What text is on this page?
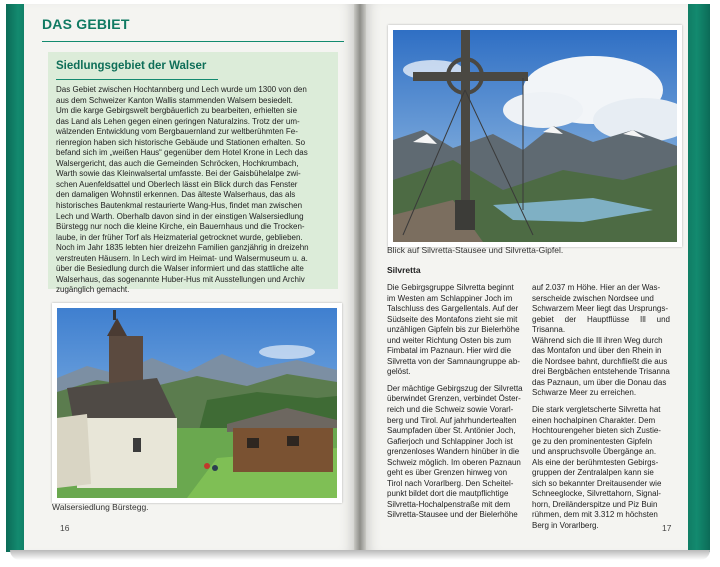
DAS GEBIET
Siedlungsgebiet der Walser
Das Gebiet zwischen Hochtannberg und Lech wurde um 1300 von den
aus dem Schweizer Kanton Wallis stammenden Walsern besiedelt.
Um die karge Gebirgswelt bergbäuerlich zu bearbeiten, erhielten sie
das Land als Lehen gegen einen geringen Naturalzins. Trotz der um-
wälzenden Entwicklung vom Bergbauernland zur weltberühmten Fe-
rienregion haben sich historische Gebäude und Stationen erhalten. So
befand sich im „weißen Haus“ gegenüber dem Hotel Krone in Lech das
Walsergericht, das auch die Gemeinden Schröcken, Hochkrumbach,
Warth sowie das Kleinwalsertal umfasste. Bei der Gaisbühelalpe zwi-
schen Auenfeldsattel und Oberlech lässt ein Blick durch das Fenster
den damaligen Wohnstil erkennen. Das älteste Walserhaus, das als
historisches Bautenkmal restaurierte Wang-Hus, findet man zwischen
Lech und Warth. Oberhalb davon sind in der einstigen Walsersiedlung
Bürstegg nur noch die kleine Kirche, ein Bauernhaus und die Trocken-
laube, in der früher Torf als Heizmaterial getrocknet wurde, geblieben.
Noch im Jahr 1835 lebten hier dreizehn Familien ganzjährig in dreizehn
verstreuten Häusern. In Lech wird im Heimat- und Walsermuseum u. a.
über die Besiedlung durch die Walser informiert und das stattliche alte
Walserhaus, das sogenannte Huber-Hus mit Ausstellungen und Archiv
zugänglich gemacht.
Walsersiedlung Bürstegg.
16
Blick auf Silvretta-Stausee und Silvretta-Gipfel.
Silvretta

Die Gebirgsgruppe Silvretta beginnt
im Westen am Schlappiner Joch im
Talschluss des Gargellentals. Auf der
Südseite des Montafons zieht sie mit
unzähligen Gipfeln bis zur Bielerhöhe
und weiter Richtung Osten bis zum
Fimbatal im Paznaun. Hier wird die
Silvretta von der Samnaungruppe ab-
gelöst.

Der mächtige Gebirgszug der Silvretta
überwindet Grenzen, verbindet Öster-
reich und die Schweiz sowie Vorarl-
berg und Tirol. Auf jahrhundertealten
Saumpfaden über St. Antönier Joch,
Gafierjoch und Schlappiner Joch ist
grenzenloses Wandern hinüber in die
Schweiz möglich. Im oberen Paznaun
geht es über Grenzen hinweg von
Tirol nach Vorarlberg. Den Scheitel-
punkt bildet dort die mautpflichtige
Silvretta-Hochalpenstraße mit dem
Silvretta-Stausee und der Bielerhöhe

auf 2.037 m Höhe. Hier an der Was-
serscheide zwischen Nordsee und
Schwarzem Meer liegt das Ursprungs-
gebiet der Hauptflüsse Ill und Trisanna.
Während sich die Ill ihren Weg durch
das Montafon und über den Rhein in
die Nordsee bahnt, durchfließt die aus
drei Bergbächen entstehende Trisanna
das Paznaun, um über die Donau das
Schwarze Meer zu erreichen.

Die stark vergletscherte Silvretta hat
einen hochalpinen Charakter. Dem
Hochtourengeher bieten sich Zustie-
ge zu den prominentesten Gipfeln
und anspruchsvolle Übergänge an.
Als eine der berühmtesten Gebirgs-
gruppen der Zentralalpen kann sie
sich so bekannter Dreitausender wie
Schneeglocke, Silvrettahorn, Signal-
horn, Dreiländerspitze und Piz Buin
rühmen, dem mit 3.312 m höchsten
Berg in Vorarlberg.	17
